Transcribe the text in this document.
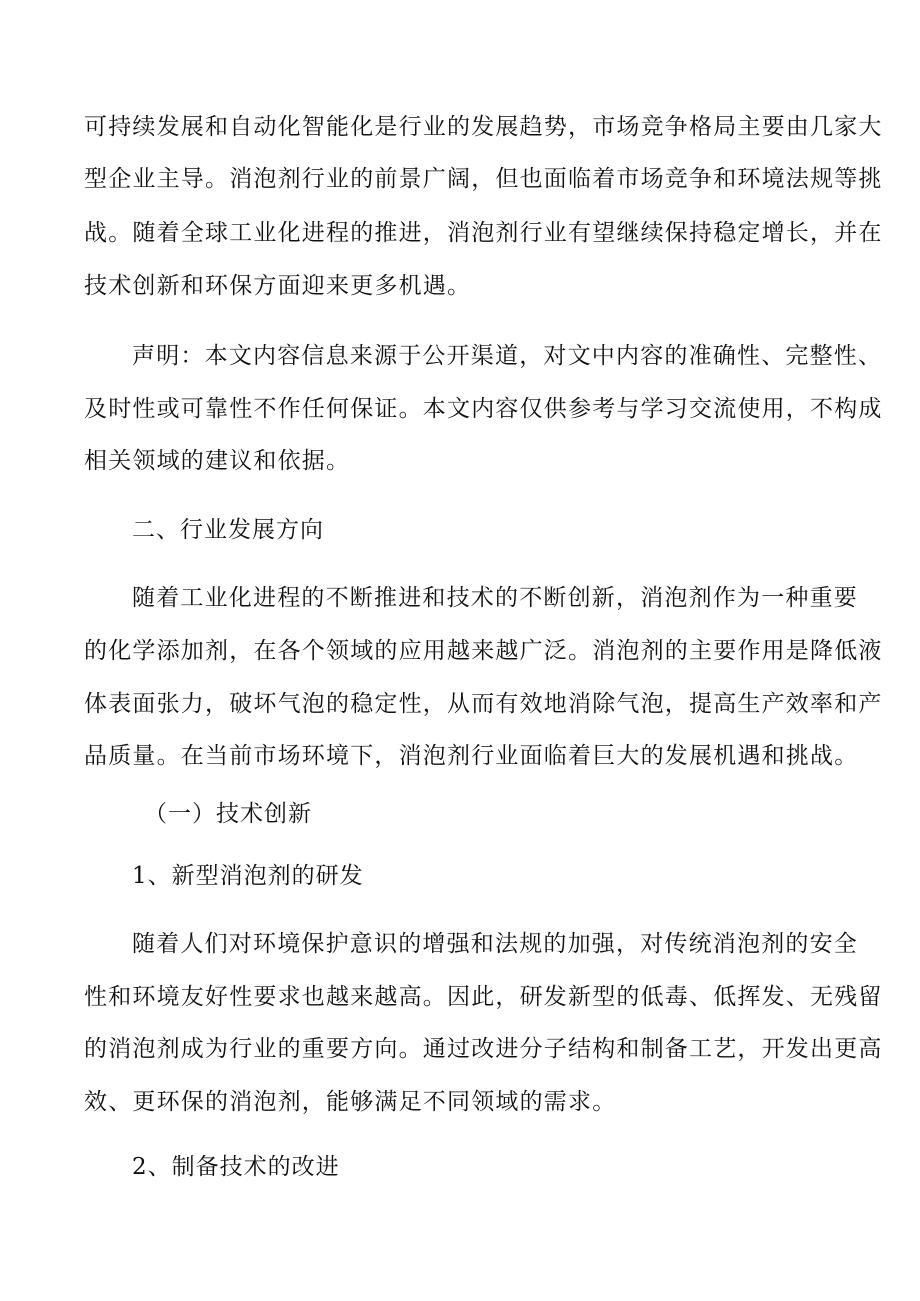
可持续发展和自动化智能化是行业的发展趋势，市场竞争格局主要由几家大
型企业主导。消泡剂行业的前景广阔，但也面临着市场竞争和环境法规等挑
战。随着全球工业化进程的推进，消泡剂行业有望继续保持稳定增长，并在
技术创新和环保方面迎来更多机遇。
声明：本文内容信息来源于公开渠道，对文中内容的准确性、完整性、
及时性或可靠性不作任何保证。本文内容仅供参考与学习交流使用，不构成
相关领域的建议和依据。
二、行业发展方向
随着工业化进程的不断推进和技术的不断创新，消泡剂作为一种重要
的化学添加剂，在各个领域的应用越来越广泛。消泡剂的主要作用是降低液
体表面张力，破坏气泡的稳定性，从而有效地消除气泡，提高生产效率和产
品质量。在当前市场环境下，消泡剂行业面临着巨大的发展机遇和挑战。
（一）技术创新
1、新型消泡剂的研发
随着人们对环境保护意识的增强和法规的加强，对传统消泡剂的安全
性和环境友好性要求也越来越高。因此，研发新型的低毒、低挥发、无残留
的消泡剂成为行业的重要方向。通过改进分子结构和制备工艺，开发出更高
效、更环保的消泡剂，能够满足不同领域的需求。
2、制备技术的改进
